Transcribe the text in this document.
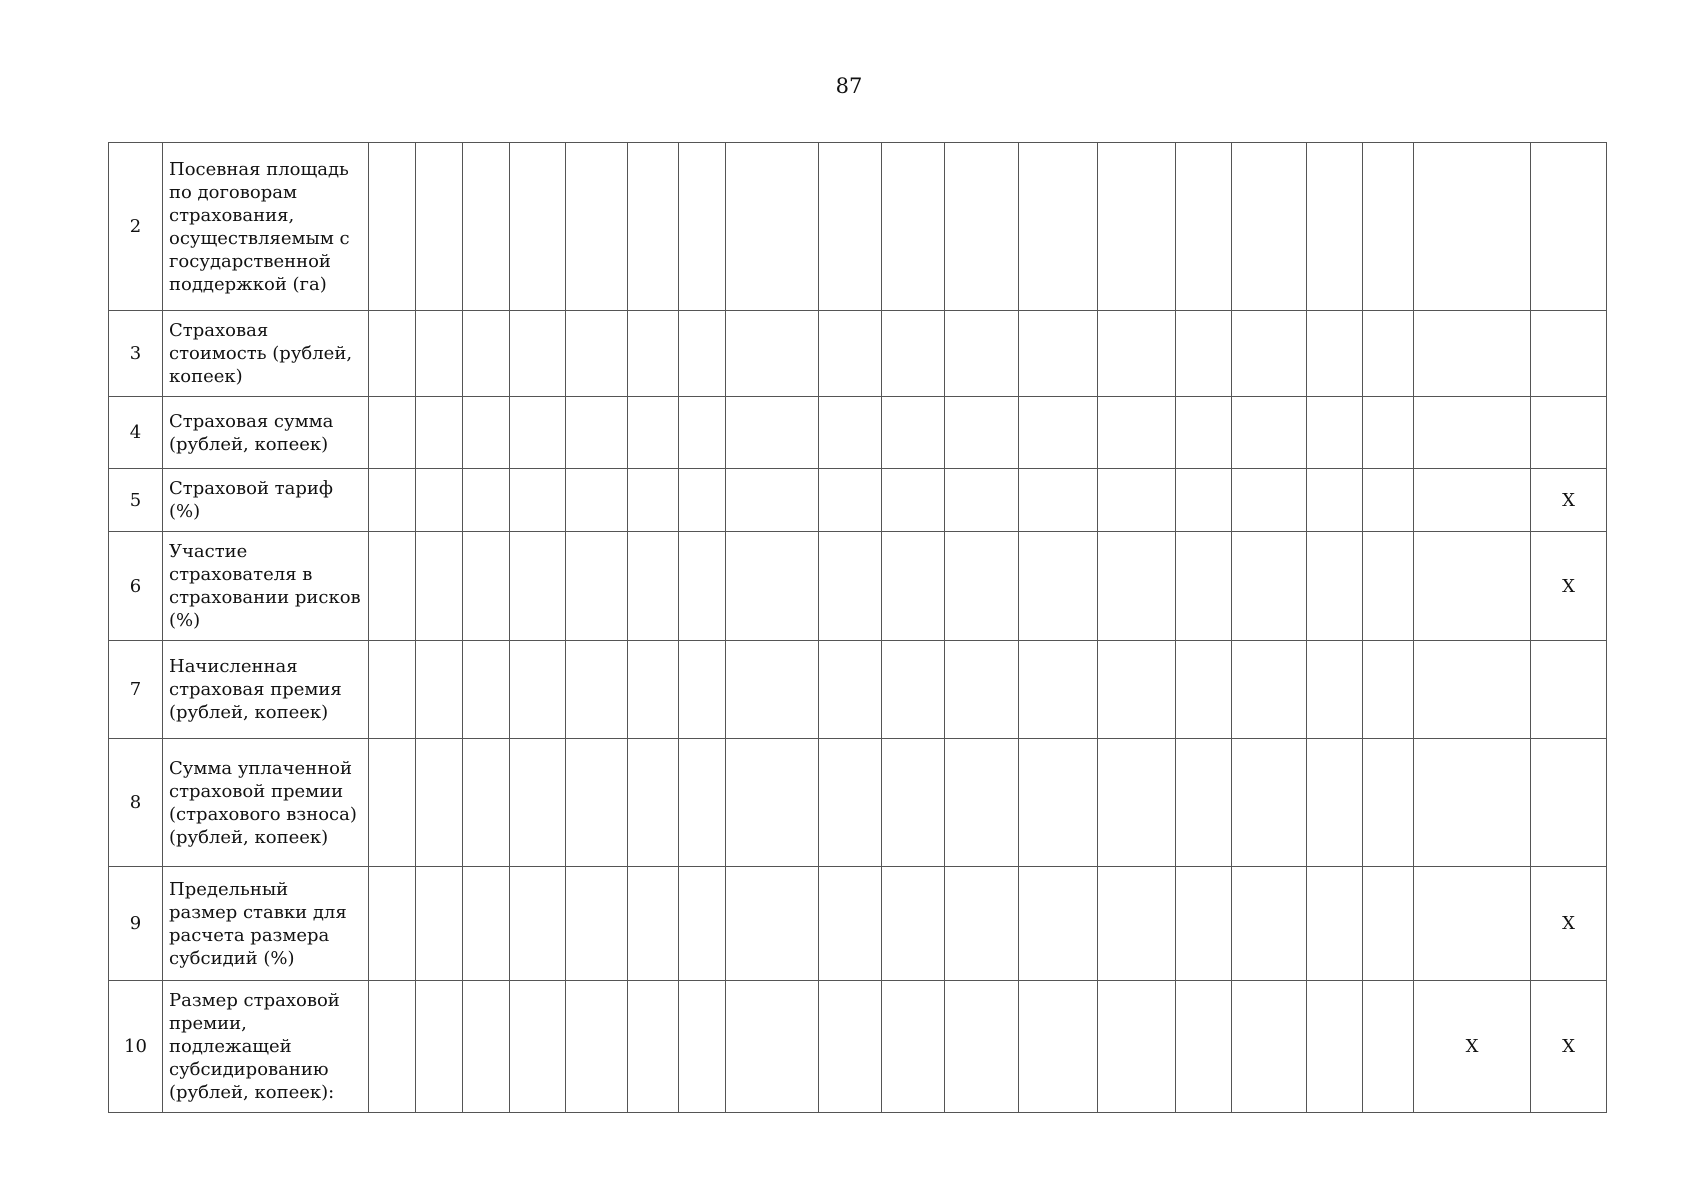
87
2	Посевная площадь по договорам страхования, осуществляемым с государственной поддержкой (га)																			
3	Страховая стоимость (рублей, копеек)																			
4	Страховая сумма (рублей, копеек)																			
5	Страховой тариф (%)																			X
6	Участие страхователя в страховании рисков (%)																			X
7	Начисленная страховая премия (рублей, копеек)																			
8	Сумма уплаченной страховой премии (страхового взноса) (рублей, копеек)																			
9	Предельный размер ставки для расчета размера субсидий (%)																			X
10	Размер страховой премии, подлежащей субсидированию (рублей, копеек):																		X	X
